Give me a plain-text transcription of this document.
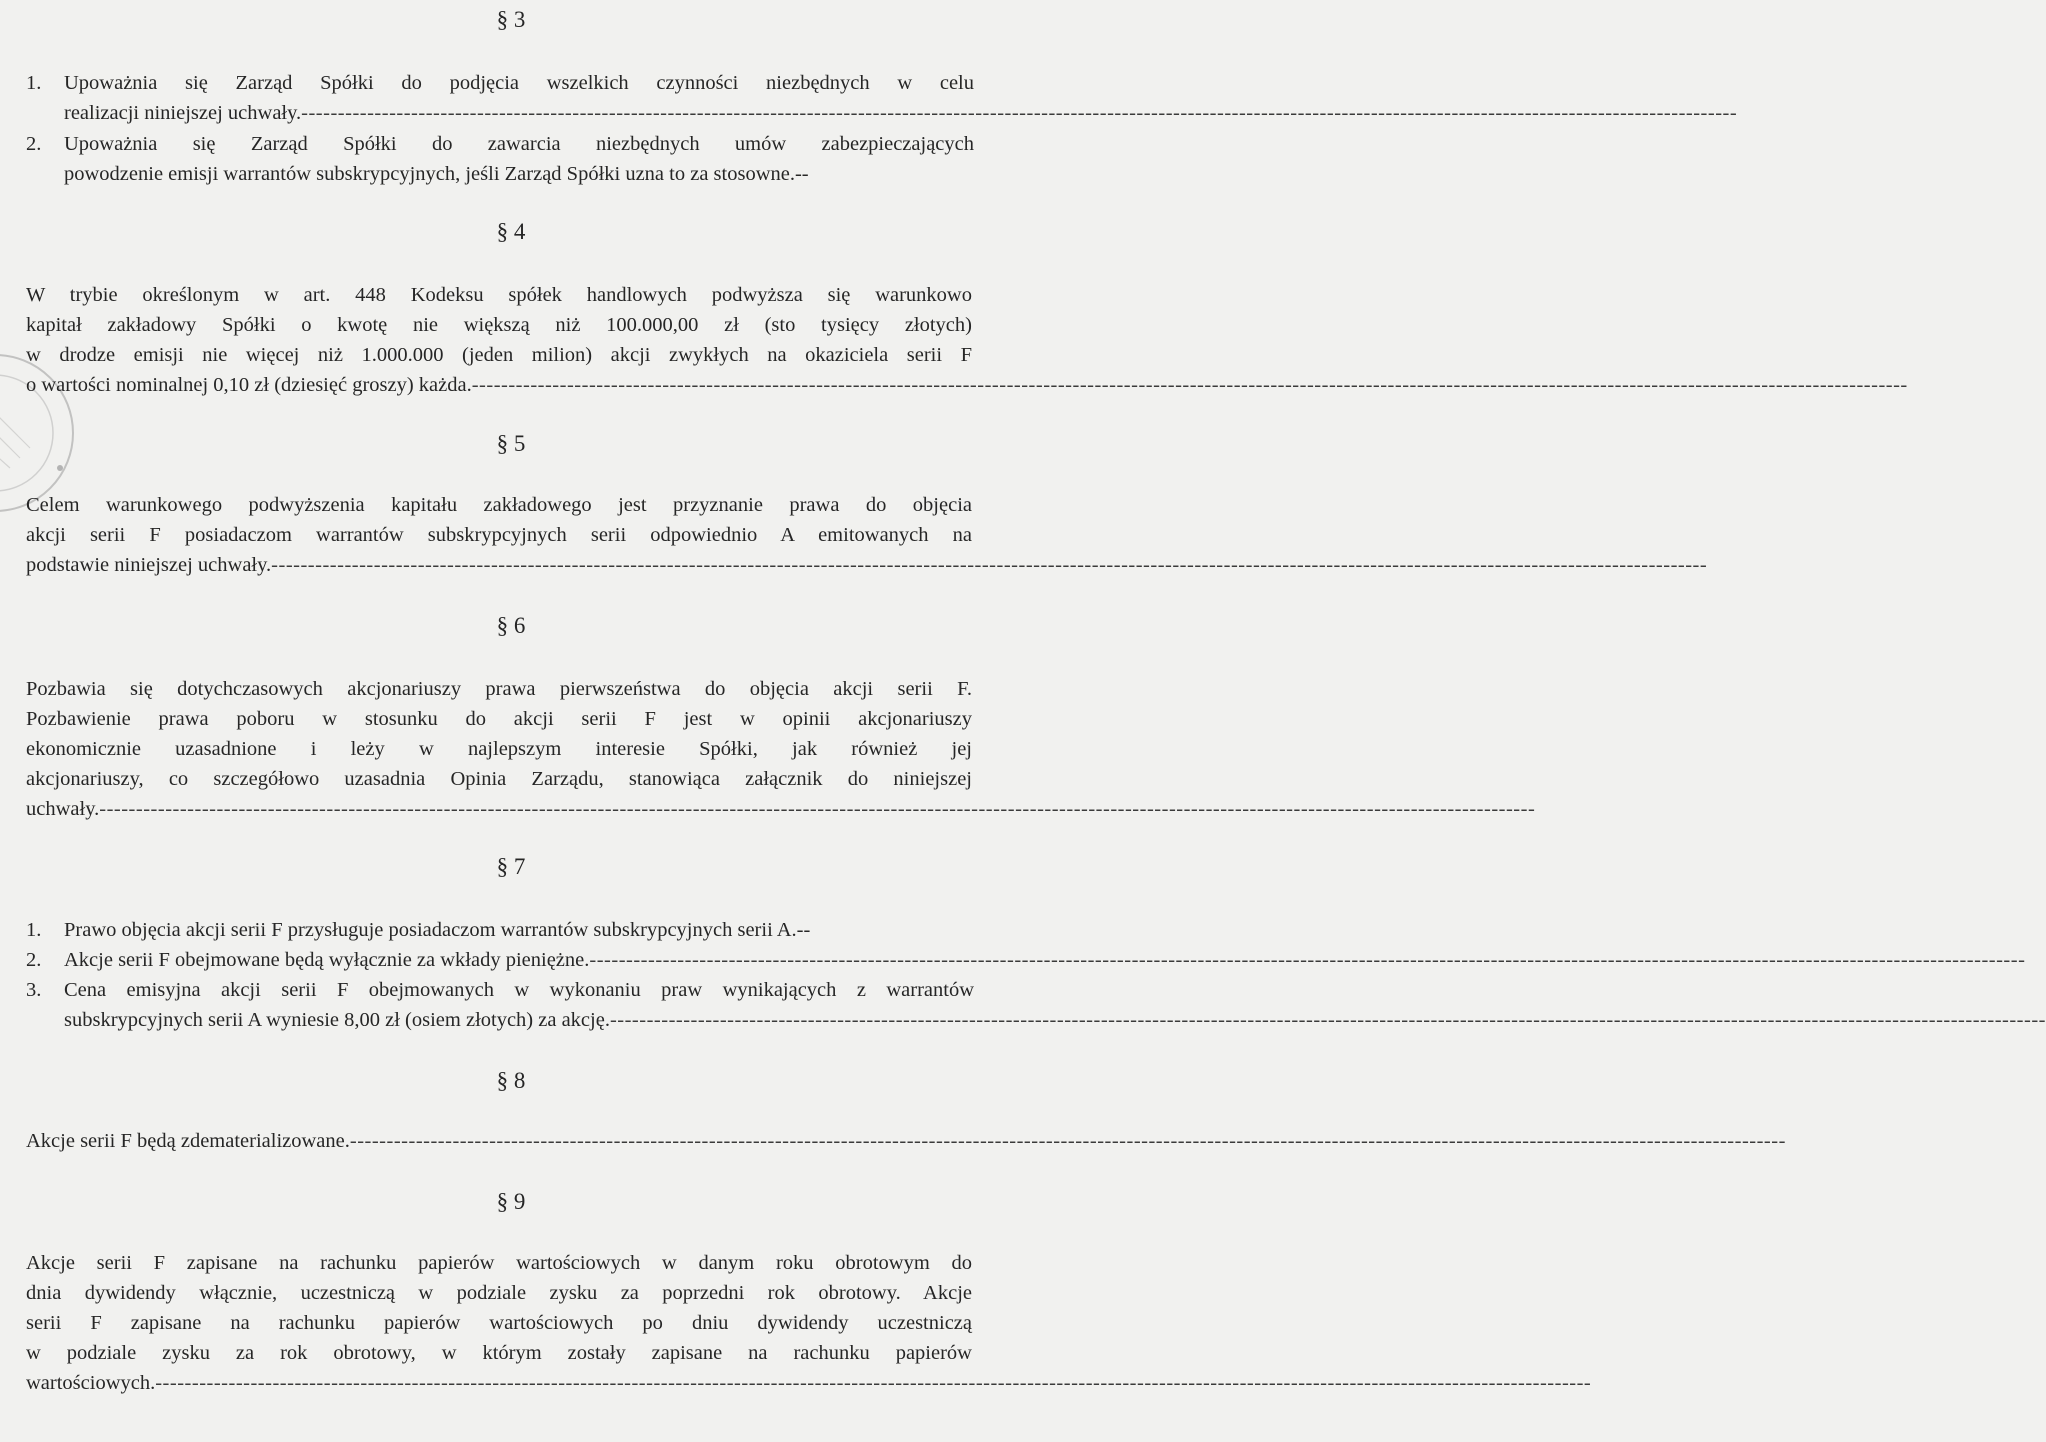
§ 3
1.	Upoważnia się Zarząd Spółki do podjęcia wszelkich czynności niezbędnych w celu
realizacji niniejszej uchwały. ----------------------------------------------------------------------------------------------------------------------------------------------------------------------------------------------------
2.	Upoważnia się Zarząd Spółki do zawarcia niezbędnych umów zabezpieczających
powodzenie emisji warrantów subskrypcyjnych, jeśli Zarząd Spółki uzna to za stosowne.--
§ 4
W trybie określonym w art. 448 Kodeksu spółek handlowych podwyższa się warunkowo
kapitał zakładowy Spółki o kwotę nie większą niż 100.000,00 zł (sto tysięcy złotych)
w drodze emisji nie więcej niż 1.000.000 (jeden milion) akcji zwykłych na okaziciela serii F
o wartości nominalnej 0,10 zł (dziesięć groszy) każda. ----------------------------------------------------------------------------------------------------------------------------------------------------------------------------------------------------
§ 5
Celem warunkowego podwyższenia kapitału zakładowego jest przyznanie prawa do objęcia
akcji serii F posiadaczom warrantów subskrypcyjnych serii odpowiednio A emitowanych na
podstawie niniejszej uchwały. ----------------------------------------------------------------------------------------------------------------------------------------------------------------------------------------------------
§ 6
Pozbawia się dotychczasowych akcjonariuszy prawa pierwszeństwa do objęcia akcji serii F.
Pozbawienie prawa poboru w stosunku do akcji serii F jest w opinii akcjonariuszy
ekonomicznie uzasadnione i leży w najlepszym interesie Spółki, jak również jej
akcjonariuszy, co szczegółowo uzasadnia Opinia Zarządu, stanowiąca załącznik do niniejszej
uchwały. ----------------------------------------------------------------------------------------------------------------------------------------------------------------------------------------------------
§ 7
1.	Prawo objęcia akcji serii F przysługuje posiadaczom warrantów subskrypcyjnych serii A.--
2.	Akcje serii F obejmowane będą wyłącznie za wkłady pieniężne. ----------------------------------------------------------------------------------------------------------------------------------------------------------------------------------------------------
3.	Cena emisyjna akcji serii F obejmowanych w wykonaniu praw wynikających z warrantów
subskrypcyjnych serii A wyniesie 8,00 zł (osiem złotych) za akcję. ----------------------------------------------------------------------------------------------------------------------------------------------------------------------------------------------------
§ 8
Akcje serii F będą zdematerializowane. ----------------------------------------------------------------------------------------------------------------------------------------------------------------------------------------------------
§ 9
Akcje serii F zapisane na rachunku papierów wartościowych w danym roku obrotowym do
dnia dywidendy włącznie, uczestniczą w podziale zysku za poprzedni rok obrotowy. Akcje
serii F zapisane na rachunku papierów wartościowych po dniu dywidendy uczestniczą
w podziale zysku za rok obrotowy, w którym zostały zapisane na rachunku papierów
wartościowych. ----------------------------------------------------------------------------------------------------------------------------------------------------------------------------------------------------
